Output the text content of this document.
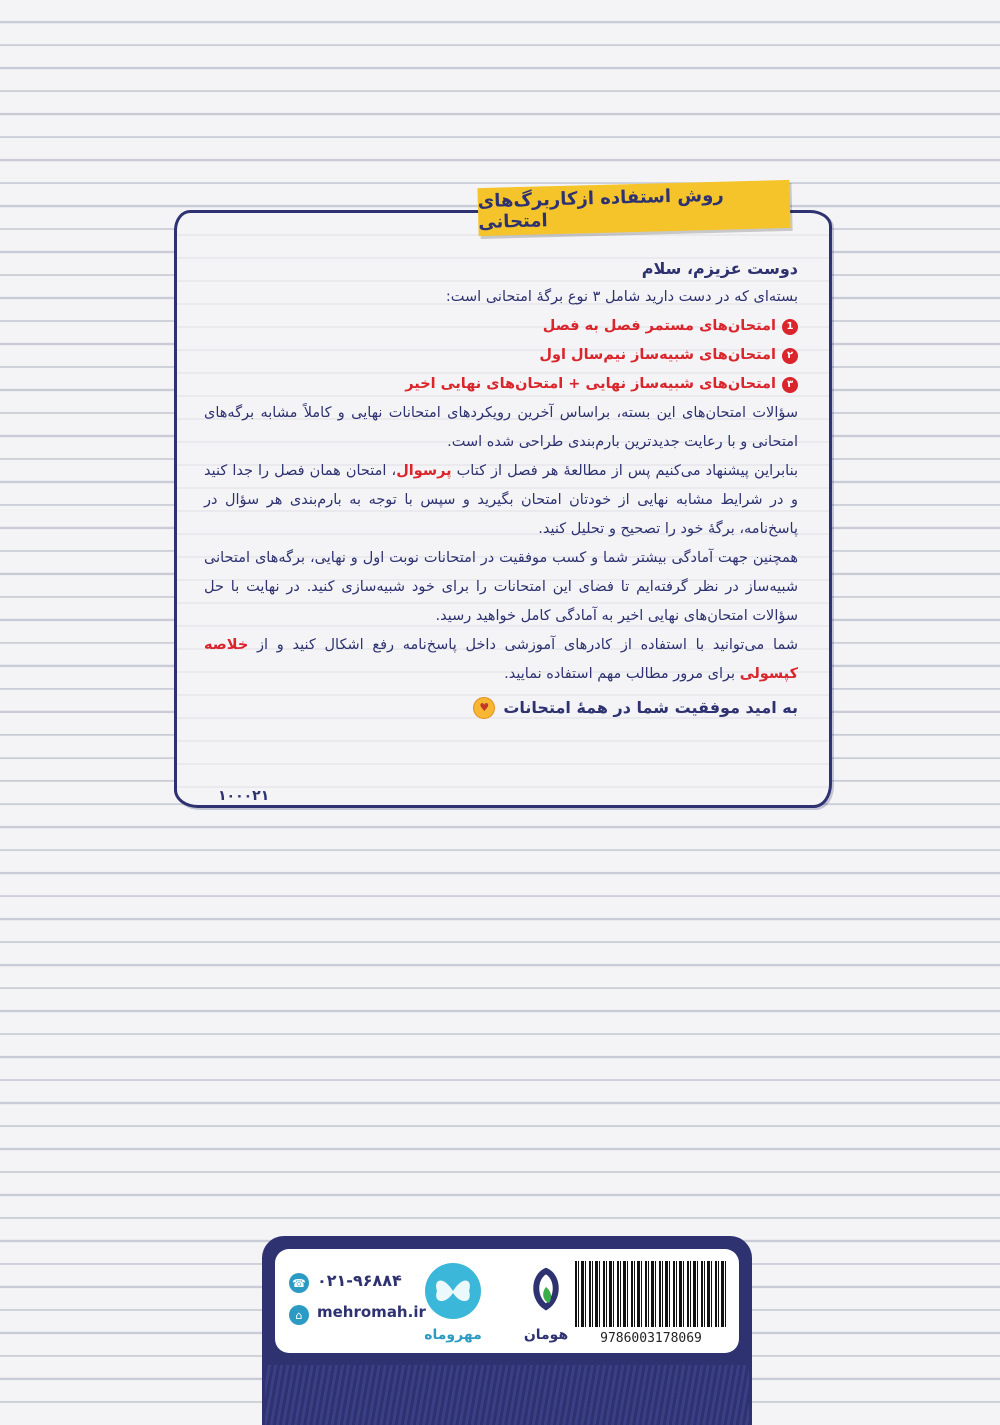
روش استفاده ازکاربرگ‌های امتحانی

دوست عزیزم، سلام

بسته‌ای که در دست دارید شامل ۳ نوع برگۀ امتحانی است:

1
امتحان‌های مستمر فصل به فصل
۲
امتحان‌های شبیه‌ساز نیم‌سال اول
۳
امتحان‌های شبیه‌ساز نهایی + امتحان‌های نهایی اخیر

سؤالات امتحان‌های این بسته، براساس آخرین رویکردهای امتحانات نهایی و کاملاً مشابه برگه‌های امتحانی و با رعایت جدیدترین بارم‌بندی طراحی شده است.

بنابراین پیشنهاد می‌کنیم پس از مطالعۀ هر فصل از کتاب پرسوال، امتحان همان فصل را جدا کنید و در شرایط مشابه نهایی از خودتان امتحان بگیرید و سپس با توجه به بارم‌بندی هر سؤال در پاسخ‌نامه، برگۀ خود را تصحیح و تحلیل کنید.

همچنین جهت آمادگی بیشتر شما و کسب موفقیت در امتحانات نوبت اول و نهایی، برگه‌های امتحانی شبیه‌ساز در نظر گرفته‌ایم تا فضای این امتحانات را برای خود شبیه‌سازی کنید. در نهایت با حل سؤالات امتحان‌های نهایی اخیر به آمادگی کامل خواهید رسید.

شما می‌توانید با استفاده از کادرهای آموزشی داخل پاسخ‌نامه رفع اشکال کنید و از خلاصه کپسولی برای مرور مطالب مهم استفاده نمایید.

به امید موفقیت شما در همۀ امتحانات
♥
۱۰۰۰۲۱
9786003178069
هومان
مهروماه
☎ ۰۲۱-۹۶۸۸۴
⌂ mehromah.ir
